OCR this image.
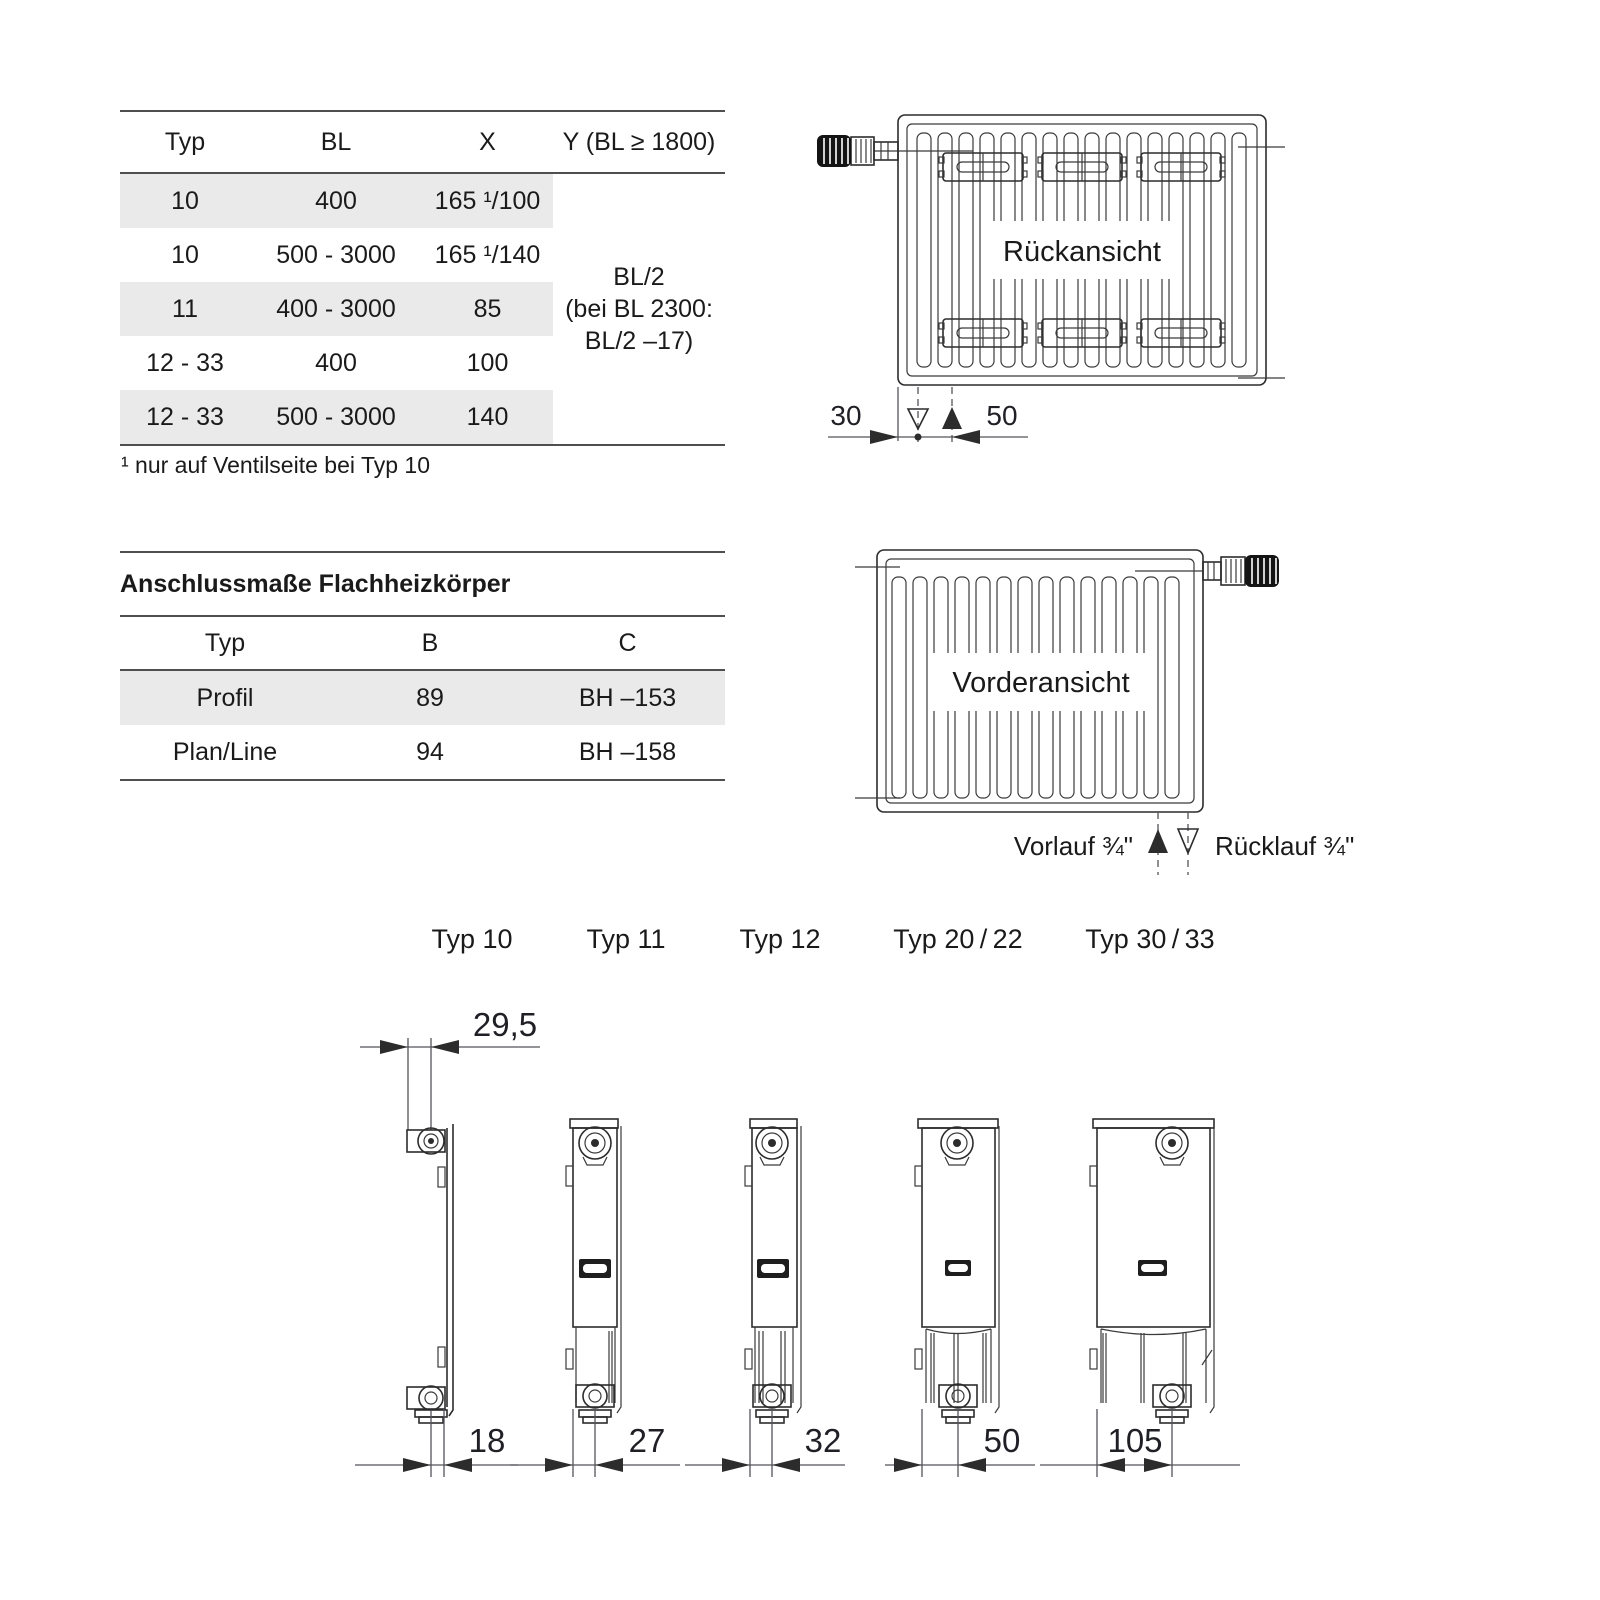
Typ	BL	X	Y (BL ≥ 1800)
10	400	165 ¹/100
10	500 - 3000	165 ¹/140
11	400 - 3000	85
12 - 33	400	100
12 - 33	500 - 3000	140
BL/2
(bei BL 2300:
BL/2 –17)
¹ nur auf Ventilseite bei Typ 10
Anschlussmaße Flachheizkörper
Typ	B	C
Profil	89	BH –153
Plan/Line	94	BH –158
Rückansicht
30	50
Vorderansicht
Vorlauf ¾"	Rücklauf ¾"
Typ 10	Typ 11	Typ 12	Typ 20 / 22 Typ 30 / 33
29,5
18	27	32	50	105
